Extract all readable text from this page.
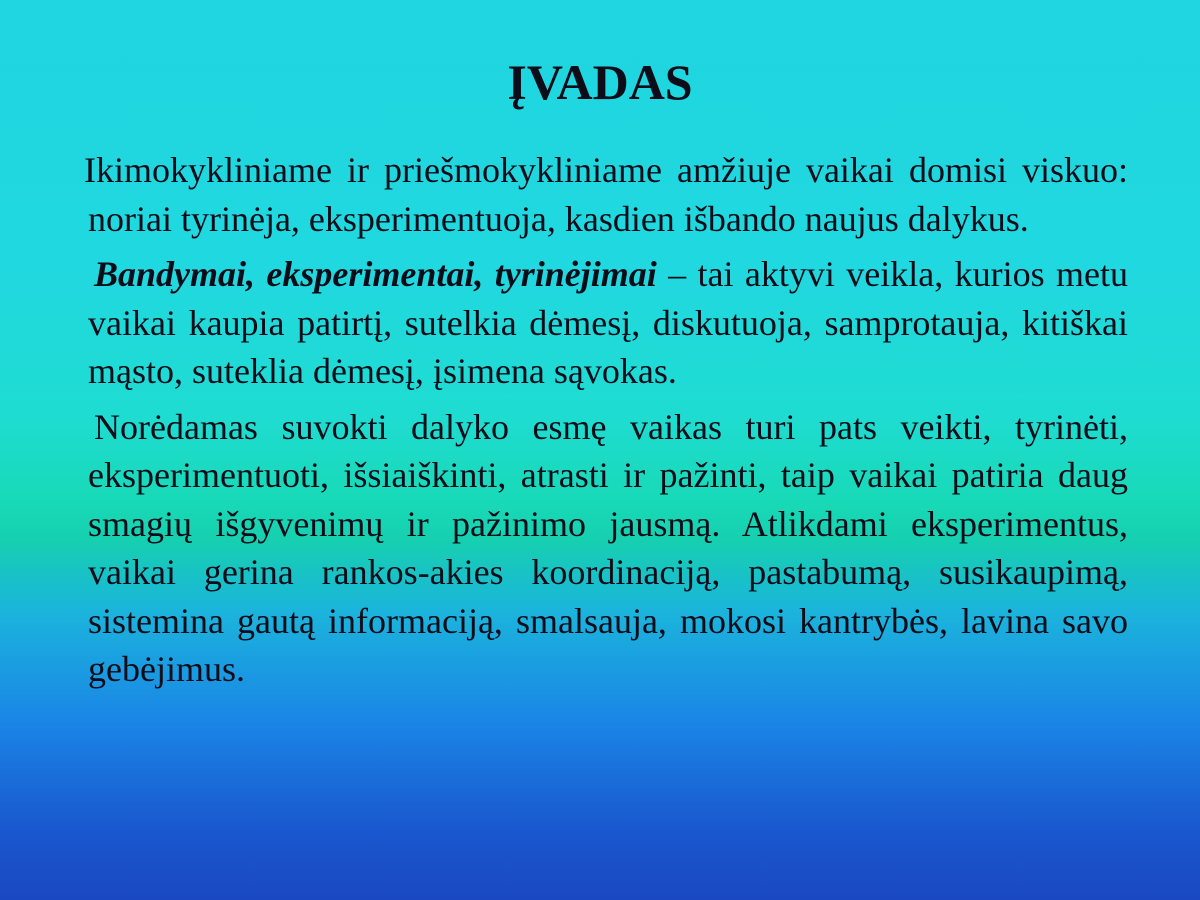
ĮVADAS

Ikimokykliniame ir priešmokykliniame amžiuje vaikai domisi viskuo: noriai tyrinėja, eksperimentuoja, kasdien išbando naujus dalykus.

Bandymai, eksperimentai, tyrinėjimai – tai aktyvi veikla, kurios metu vaikai kaupia patirtį, sutelkia dėmesį, diskutuoja, samprotauja, kitiškai mąsto, suteklia dėmesį, įsimena sąvokas.

Norėdamas suvokti dalyko esmę vaikas turi pats veikti, tyrinėti, eksperimentuoti, išsiaiškinti, atrasti ir pažinti, taip vaikai patiria daug smagių išgyvenimų ir pažinimo jausmą. Atlikdami eksperimentus, vaikai gerina rankos-akies koordinaciją, pastabumą, susikaupimą, sistemina gautą informaciją, smalsauja, mokosi kantrybės, lavina savo gebėjimus.
